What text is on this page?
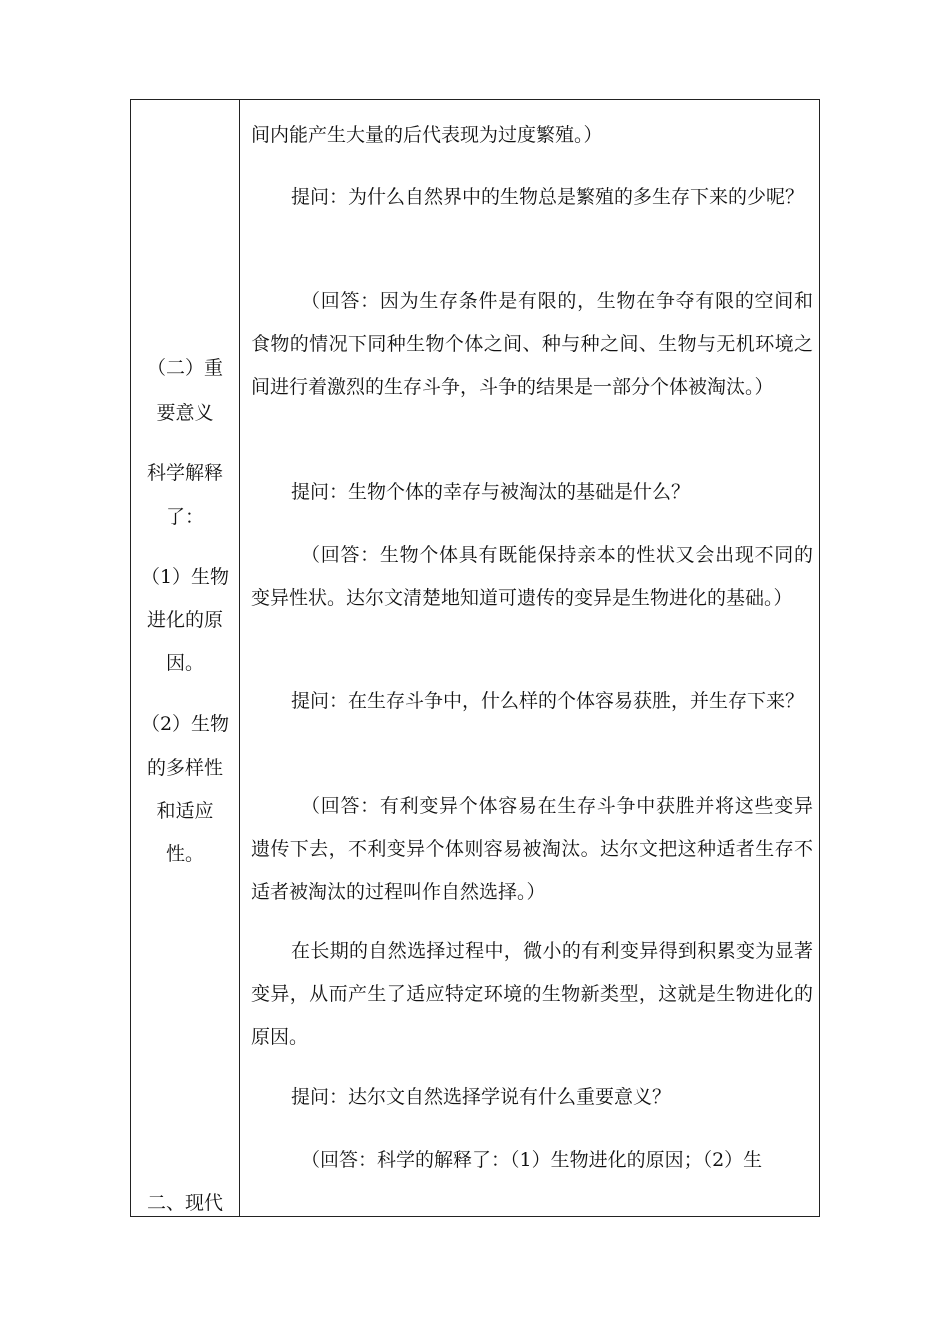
（二）重
要意义
科学解释
了：
（1）生物
进化的原
因。
（2）生物
的多样性
和适应
性。
二、现代

间内能产生大量的后代表现为过度繁殖。）

提问：为什么自然界中的生物总是繁殖的多生存下来的少呢？

（回答：因为生存条件是有限的，生物在争夺有限的空间和食物的情况下同种生物个体之间、种与种之间、生物与无机环境之间进行着激烈的生存斗争，斗争的结果是一部分个体被淘汰。）

提问：生物个体的幸存与被淘汰的基础是什么？

（回答：生物个体具有既能保持亲本的性状又会出现不同的变异性状。达尔文清楚地知道可遗传的变异是生物进化的基础。）

提问：在生存斗争中，什么样的个体容易获胜，并生存下来？

（回答：有利变异个体容易在生存斗争中获胜并将这些变异遗传下去，不利变异个体则容易被淘汰。达尔文把这种适者生存不适者被淘汰的过程叫作自然选择。）

在长期的自然选择过程中，微小的有利变异得到积累变为显著变异，从而产生了适应特定环境的生物新类型，这就是生物进化的原因。

提问：达尔文自然选择学说有什么重要意义？

（回答：科学的解释了：（1）生物进化的原因；（2）生
